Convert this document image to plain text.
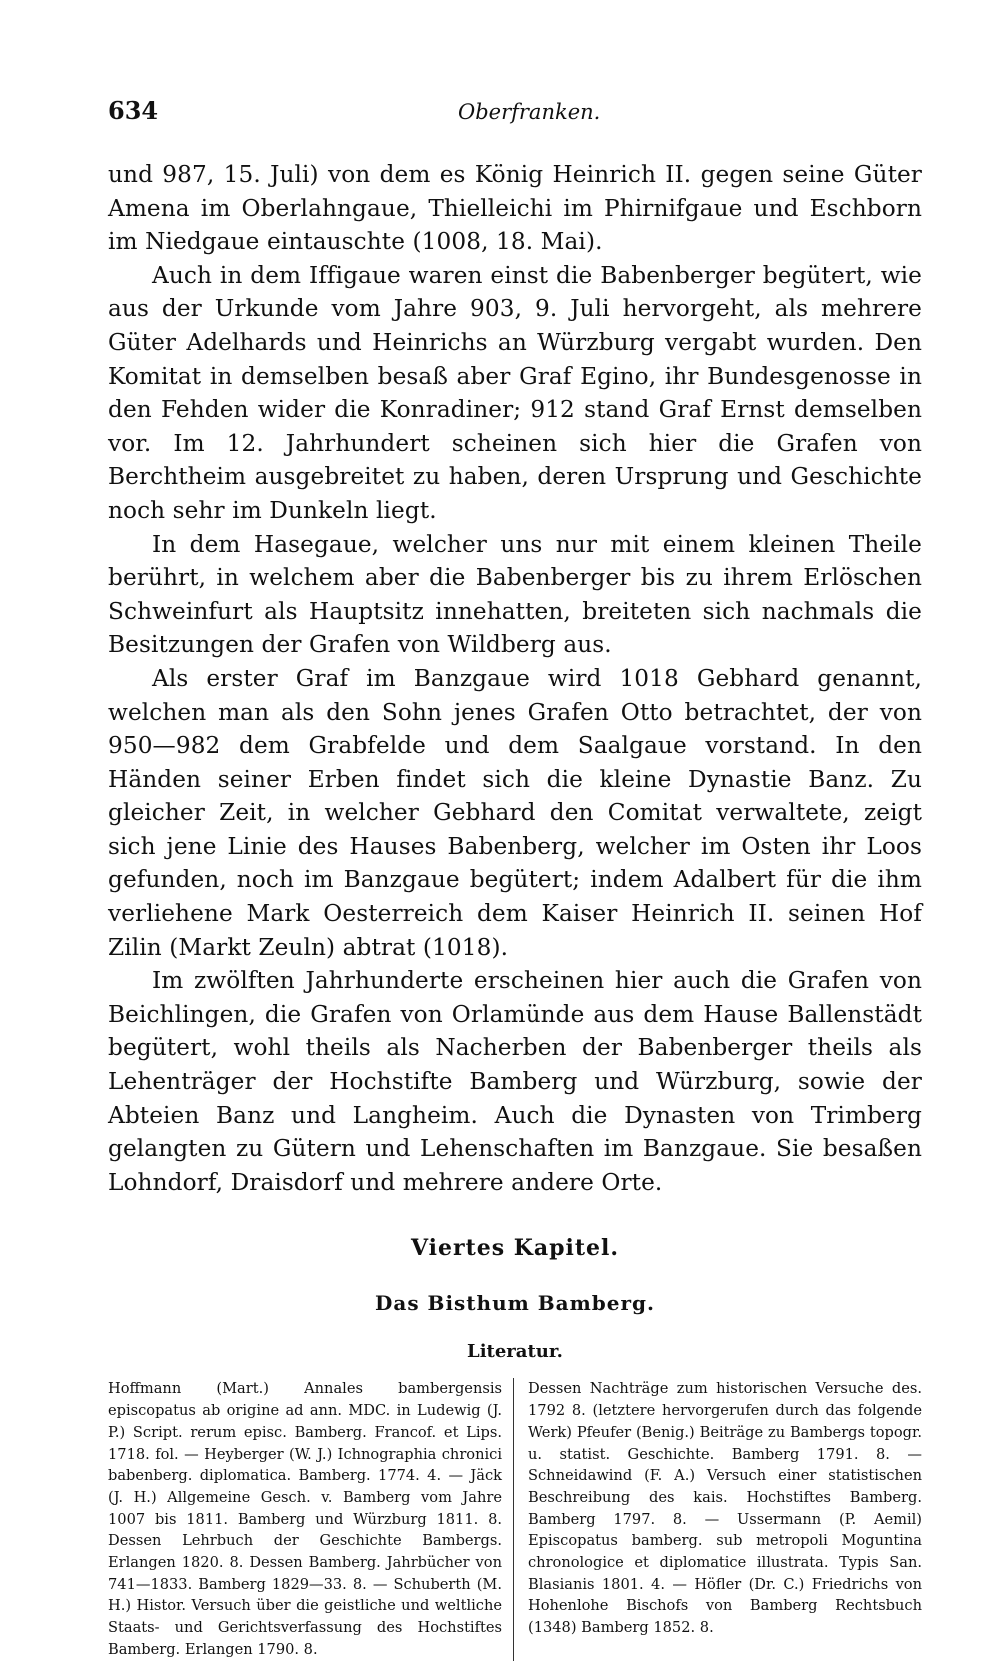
634	Oberfranken.

und 987, 15. Juli) von dem es König Heinrich II. gegen seine Güter Amena im Oberlahngaue, Thielleichi im Phirnifgaue und Eschborn im Niedgaue eintauschte (1008, 18. Mai).

Auch in dem Iffigaue waren einst die Babenberger begütert, wie aus der Urkunde vom Jahre 903, 9. Juli hervorgeht, als mehrere Güter Adelhards und Heinrichs an Würzburg vergabt wurden. Den Komitat in demselben besaß aber Graf Egino, ihr Bundesgenosse in den Fehden wider die Konradiner; 912 stand Graf Ernst demselben vor. Im 12. Jahrhundert scheinen sich hier die Grafen von Berchtheim ausgebreitet zu haben, deren Ursprung und Geschichte noch sehr im Dunkeln liegt.

In dem Hasegaue, welcher uns nur mit einem kleinen Theile berührt, in welchem aber die Babenberger bis zu ihrem Erlöschen Schweinfurt als Hauptsitz innehatten, breiteten sich nachmals die Besitzungen der Grafen von Wildberg aus.

Als erster Graf im Banzgaue wird 1018 Gebhard genannt, welchen man als den Sohn jenes Grafen Otto betrachtet, der von 950—982 dem Grabfelde und dem Saalgaue vorstand. In den Händen seiner Erben findet sich die kleine Dynastie Banz. Zu gleicher Zeit, in welcher Gebhard den Comitat verwaltete, zeigt sich jene Linie des Hauses Babenberg, welcher im Osten ihr Loos gefunden, noch im Banzgaue begütert; indem Adalbert für die ihm verliehene Mark Oesterreich dem Kaiser Heinrich II. seinen Hof Zilin (Markt Zeuln) abtrat (1018).

Im zwölften Jahrhunderte erscheinen hier auch die Grafen von Beichlingen, die Grafen von Orlamünde aus dem Hause Ballenstädt begütert, wohl theils als Nacherben der Babenberger theils als Lehenträger der Hochstifte Bamberg und Würzburg, sowie der Abteien Banz und Langheim. Auch die Dynasten von Trimberg gelangten zu Gütern und Lehenschaften im Banzgaue. Sie besaßen Lohndorf, Draisdorf und mehrere andere Orte.

Viertes Kapitel.
Das Bisthum Bamberg.
Literatur.
Hoffmann (Mart.) Annales bambergensis episcopatus ab origine ad ann. MDC. in Ludewig (J. P.) Script. rerum episc. Bamberg. Francof. et Lips. 1718. fol. — Heyberger (W. J.) Ichnographia chronici babenberg. diplomatica. Bamberg. 1774. 4. — Jäck (J. H.) Allgemeine Gesch. v. Bamberg vom Jahre 1007 bis 1811. Bamberg und Würzburg 1811. 8. Dessen Lehrbuch der Geschichte Bambergs. Erlangen 1820. 8. Dessen Bamberg. Jahrbücher von 741—1833. Bamberg 1829—33. 8. — Schuberth (M. H.) Histor. Versuch über die geistliche und weltliche Staats- und Gerichtsverfassung des Hochstiftes Bamberg. Erlangen 1790. 8.
Dessen Nachträge zum historischen Versuche des. 1792 8. (letztere hervorgerufen durch das folgende Werk) Pfeufer (Benig.) Beiträge zu Bambergs topogr. u. statist. Geschichte. Bamberg 1791. 8. —Schneidawind (F. A.) Versuch einer statistischen Beschreibung des kais. Hochstiftes Bamberg. Bamberg 1797. 8. — Ussermann (P. Aemil) Episcopatus bamberg. sub metropoli Moguntina chronologice et diplomatice illustrata. Typis San. Blasianis 1801. 4. — Höfler (Dr. C.) Friedrichs von Hohenlohe Bischofs von Bamberg Rechtsbuch (1348) Bamberg 1852. 8.
